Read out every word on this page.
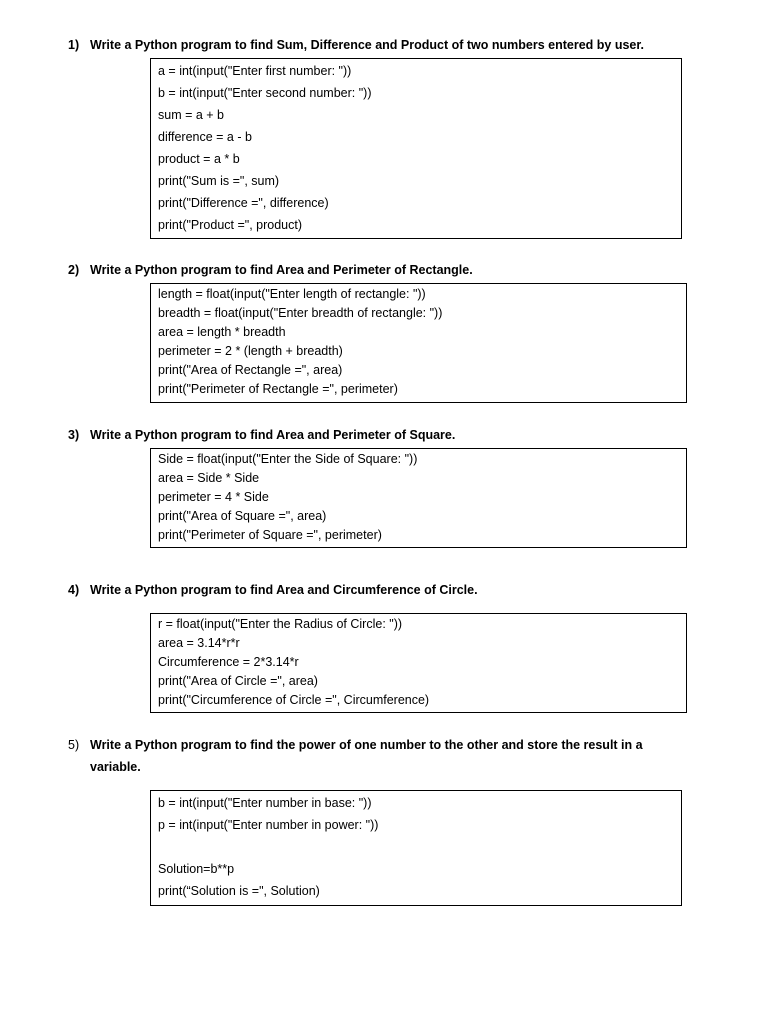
1) Write a Python program to find Sum, Difference and Product of two numbers entered by user.
a = int(input("Enter first number: "))
b = int(input("Enter second number: "))
sum = a + b
difference = a - b
product = a * b
print("Sum is =", sum)
print("Difference =", difference)
print("Product =", product)
2) Write a Python program to find Area and Perimeter of Rectangle.
length = float(input("Enter length of rectangle: "))
breadth = float(input("Enter breadth of rectangle: "))
area = length * breadth
perimeter = 2 * (length + breadth)
print("Area of Rectangle =", area)
print("Perimeter of Rectangle =", perimeter)
3) Write a Python program to find Area and Perimeter of Square.
Side = float(input("Enter the Side of Square: "))
area = Side * Side
perimeter = 4 * Side
print("Area of Square =", area)
print("Perimeter of Square =", perimeter)
4) Write a Python program to find Area and Circumference of Circle.
r = float(input("Enter the Radius of Circle: "))
area = 3.14*r*r
Circumference = 2*3.14*r
print("Area of Circle =", area)
print("Circumference of Circle =", Circumference)
5) Write a Python program to find the power of one number to the other and store the result in a variable.
b = int(input("Enter number in base: "))
p = int(input("Enter number in power: "))
Solution=b**p
print(“Solution is =", Solution)
